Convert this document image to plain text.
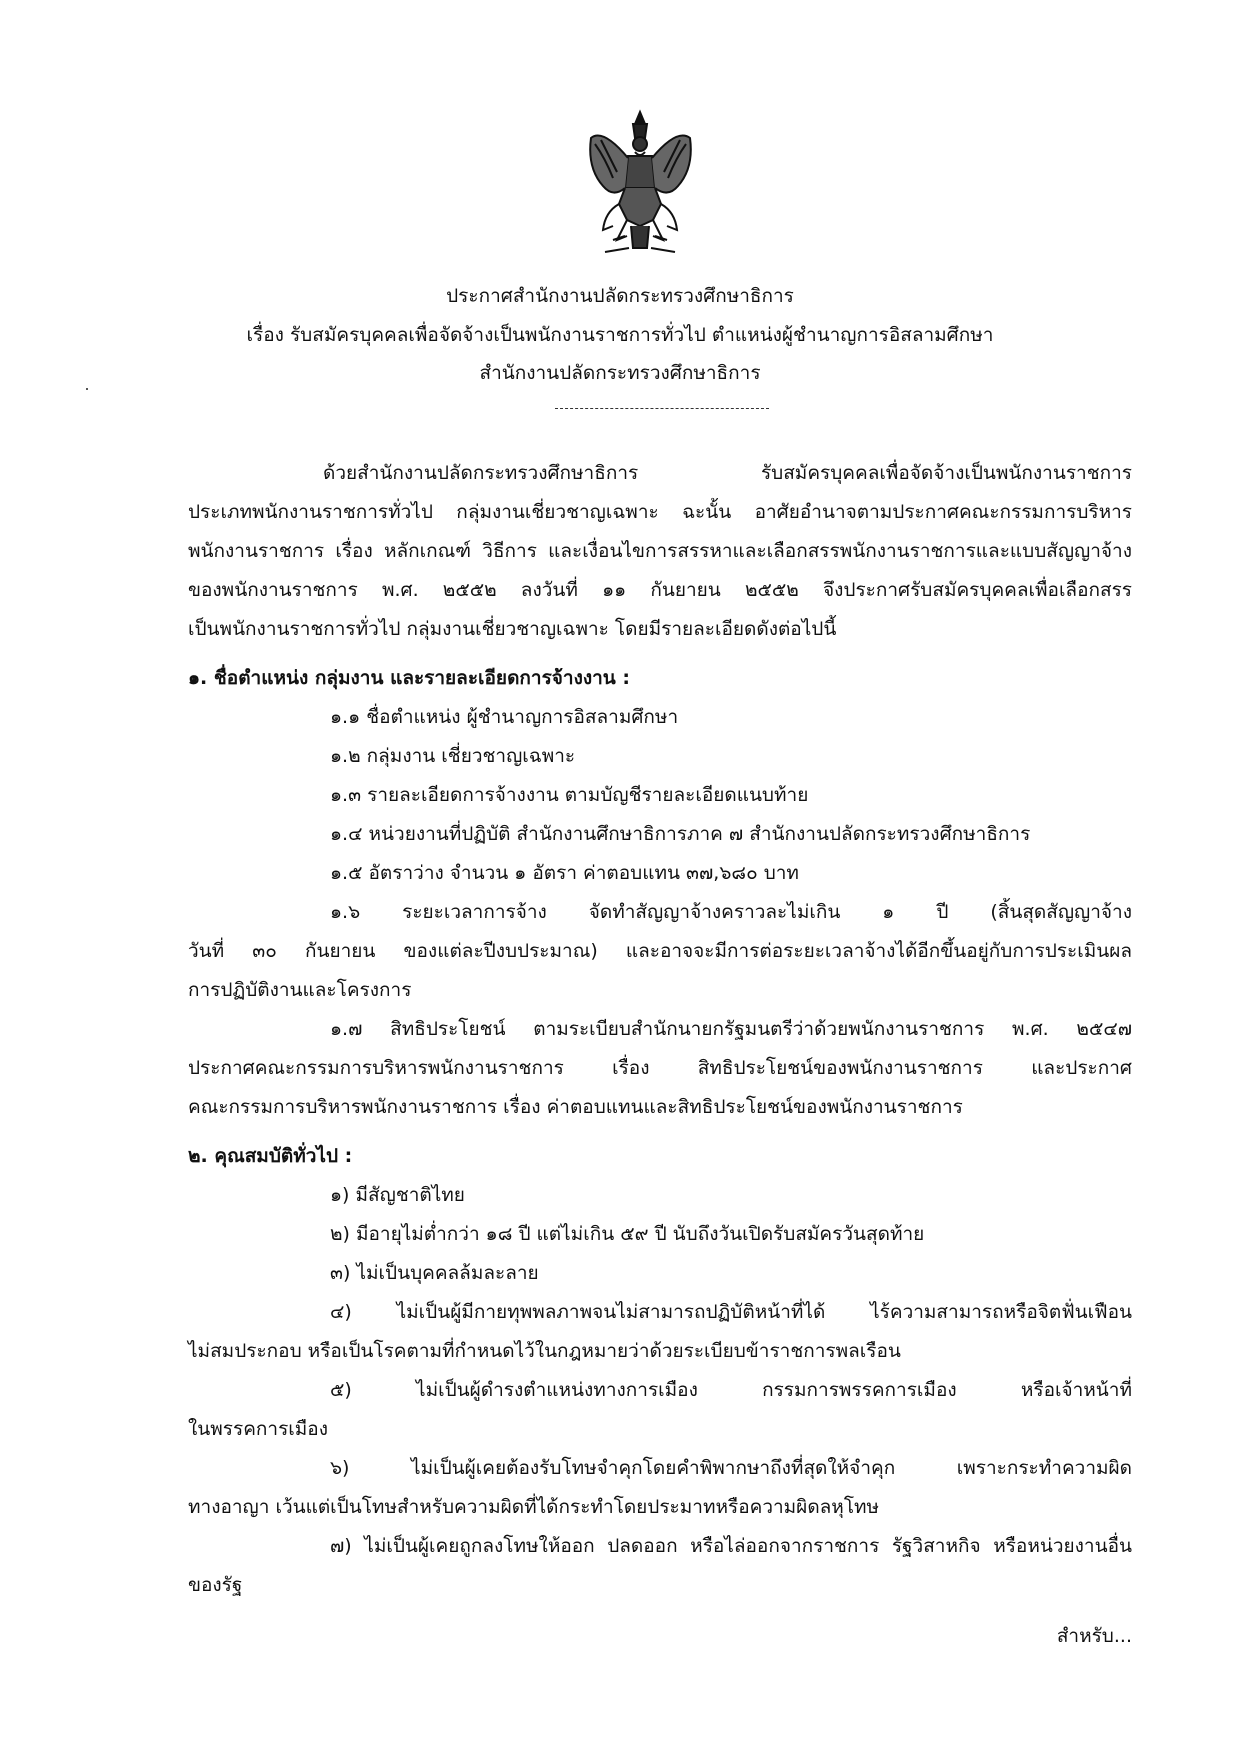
ประกาศสำนักงานปลัดกระทรวงศึกษาธิการ
เรื่อง รับสมัครบุคคลเพื่อจัดจ้างเป็นพนักงานราชการทั่วไป ตำแหน่งผู้ชำนาญการอิสลามศึกษา
สำนักงานปลัดกระทรวงศึกษาธิการ
ด้วยสำนักงานปลัดกระทรวงศึกษาธิการ รับสมัครบุคคลเพื่อจัดจ้างเป็นพนักงานราชการ
ประเภทพนักงานราชการทั่วไป กลุ่มงานเชี่ยวชาญเฉพาะ ฉะนั้น อาศัยอำนาจตามประกาศคณะกรรมการบริหาร
พนักงานราชการ เรื่อง หลักเกณฑ์ วิธีการ และเงื่อนไขการสรรหาและเลือกสรรพนักงานราชการและแบบสัญญาจ้าง
ของพนักงานราชการ พ.ศ. ๒๕๕๒ ลงวันที่ ๑๑ กันยายน ๒๕๕๒ จึงประกาศรับสมัครบุคคลเพื่อเลือกสรร
เป็นพนักงานราชการทั่วไป กลุ่มงานเชี่ยวชาญเฉพาะ โดยมีรายละเอียดดังต่อไปนี้
๑. ชื่อตำแหน่ง กลุ่มงาน และรายละเอียดการจ้างงาน :
๑.๑ ชื่อตำแหน่ง ผู้ชำนาญการอิสลามศึกษา
๑.๒ กลุ่มงาน เชี่ยวชาญเฉพาะ
๑.๓ รายละเอียดการจ้างงาน ตามบัญชีรายละเอียดแนบท้าย
๑.๔ หน่วยงานที่ปฏิบัติ สำนักงานศึกษาธิการภาค ๗ สำนักงานปลัดกระทรวงศึกษาธิการ
๑.๕ อัตราว่าง จำนวน ๑ อัตรา ค่าตอบแทน ๓๗,๖๘๐ บาท
๑.๖ ระยะเวลาการจ้าง จัดทำสัญญาจ้างคราวละไม่เกิน ๑ ปี (สิ้นสุดสัญญาจ้าง
วันที่ ๓๐ กันยายน ของแต่ละปีงบประมาณ) และอาจจะมีการต่อระยะเวลาจ้างได้อีกขึ้นอยู่กับการประเมินผล
การปฏิบัติงานและโครงการ
๑.๗ สิทธิประโยชน์ ตามระเบียบสำนักนายกรัฐมนตรีว่าด้วยพนักงานราชการ พ.ศ. ๒๕๔๗
ประกาศคณะกรรมการบริหารพนักงานราชการ เรื่อง สิทธิประโยชน์ของพนักงานราชการ และประกาศ
คณะกรรมการบริหารพนักงานราชการ เรื่อง ค่าตอบแทนและสิทธิประโยชน์ของพนักงานราชการ
๒. คุณสมบัติทั่วไป :
๑) มีสัญชาติไทย
๒) มีอายุไม่ต่ำกว่า ๑๘ ปี แต่ไม่เกิน ๕๙ ปี นับถึงวันเปิดรับสมัครวันสุดท้าย
๓) ไม่เป็นบุคคลล้มละลาย
๔) ไม่เป็นผู้มีกายทุพพลภาพจนไม่สามารถปฏิบัติหน้าที่ได้ ไร้ความสามารถหรือจิตฟั่นเฟือน
ไม่สมประกอบ หรือเป็นโรคตามที่กำหนดไว้ในกฎหมายว่าด้วยระเบียบข้าราชการพลเรือน
๕) ไม่เป็นผู้ดำรงตำแหน่งทางการเมือง กรรมการพรรคการเมือง หรือเจ้าหน้าที่
ในพรรคการเมือง
๖) ไม่เป็นผู้เคยต้องรับโทษจำคุกโดยคำพิพากษาถึงที่สุดให้จำคุก เพราะกระทำความผิด
ทางอาญา เว้นแต่เป็นโทษสำหรับความผิดที่ได้กระทำโดยประมาทหรือความผิดลหุโทษ
๗) ไม่เป็นผู้เคยถูกลงโทษให้ออก ปลดออก หรือไล่ออกจากราชการ รัฐวิสาหกิจ หรือหน่วยงานอื่น
ของรัฐ
สำหรับ...
